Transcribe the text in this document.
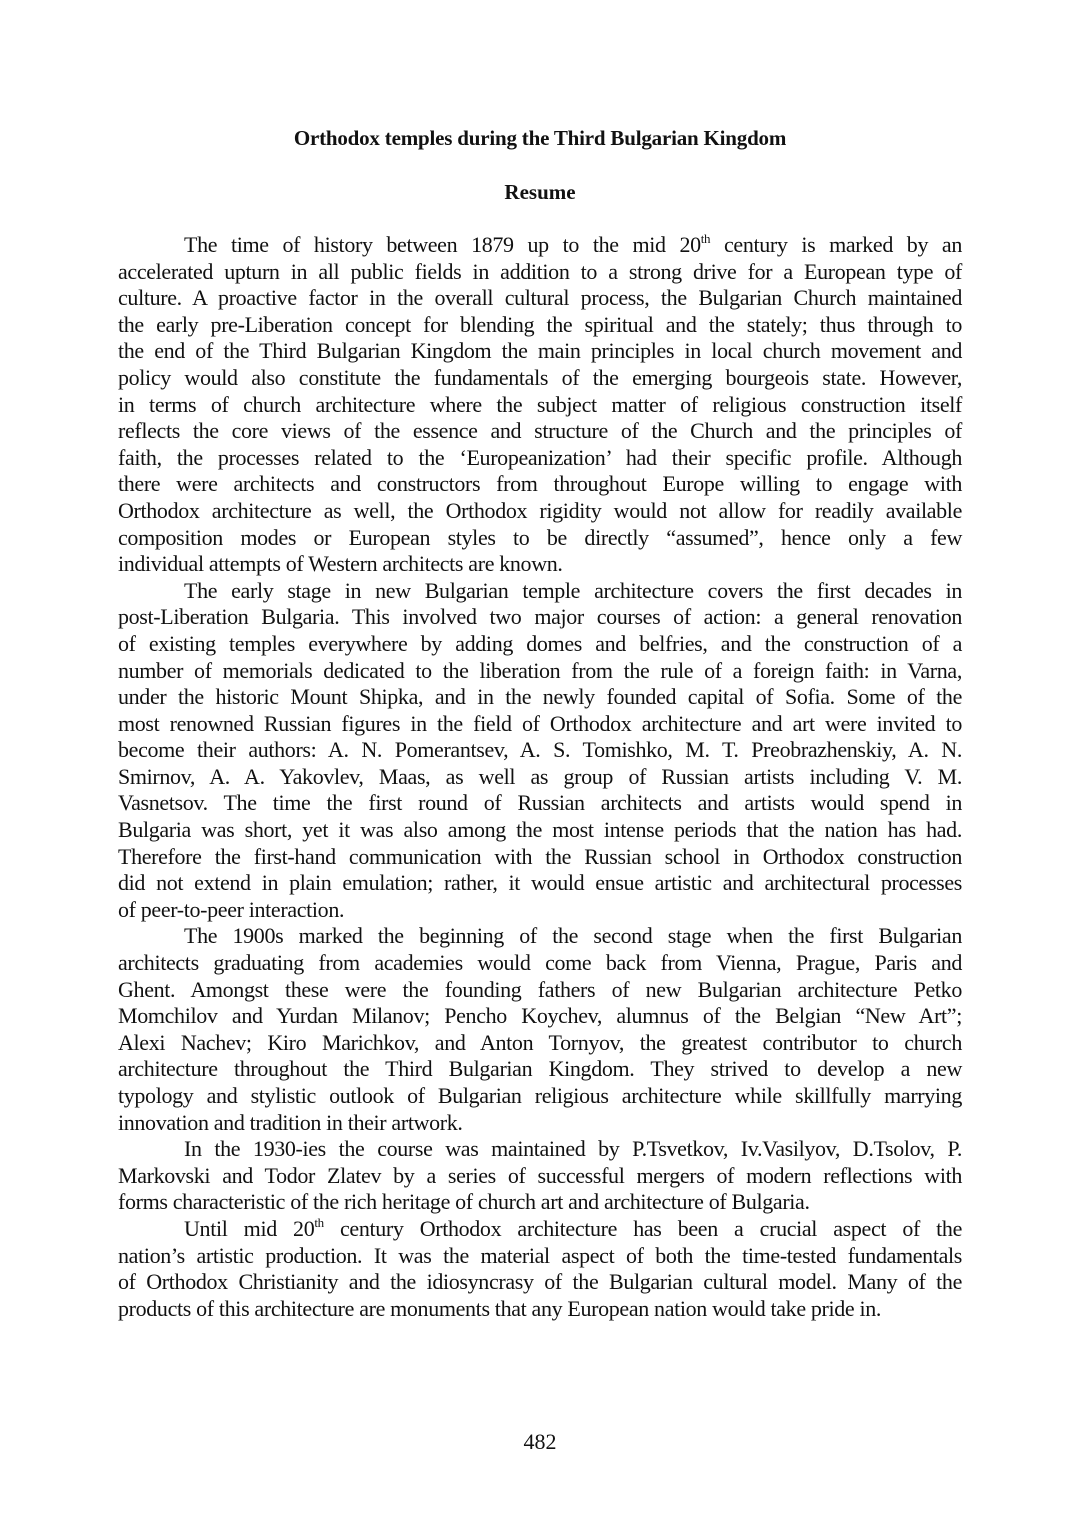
Orthodox temples during the Third Bulgarian Kingdom
Resume
The time of history between 1879 up to the mid 20th century is marked by an
accelerated upturn in all public fields in addition to a strong drive for a European type of
culture. A proactive factor in the overall cultural process, the Bulgarian Church maintained
the early pre-Liberation concept for blending the spiritual and the stately; thus through to
the end of the Third Bulgarian Kingdom the main principles in local church movement and
policy would also constitute the fundamentals of the emerging bourgeois state. However,
in terms of church architecture where the subject matter of religious construction itself
reflects the core views of the essence and structure of the Church and the principles of
faith, the processes related to the ‘Europeanization’ had their specific profile. Although
there were architects and constructors from throughout Europe willing to engage with
Orthodox architecture as well, the Orthodox rigidity would not allow for readily available
composition modes or European styles to be directly “assumed”, hence only a few
individual attempts of Western architects are known.
The early stage in new Bulgarian temple architecture covers the first decades in
post-Liberation Bulgaria. This involved two major courses of action: a general renovation
of existing temples everywhere by adding domes and belfries, and the construction of a
number of memorials dedicated to the liberation from the rule of a foreign faith: in Varna,
under the historic Mount Shipka, and in the newly founded capital of Sofia. Some of the
most renowned Russian figures in the field of Orthodox architecture and art were invited to
become their authors: A. N. Pomerantsev, A. S. Tomishko, M. T. Preobrazhenskiy, A. N.
Smirnov, A. A. Yakovlev, Maas, as well as group of Russian artists including V. M.
Vasnetsov. The time the first round of Russian architects and artists would spend in
Bulgaria was short, yet it was also among the most intense periods that the nation has had.
Therefore the first-hand communication with the Russian school in Orthodox construction
did not extend in plain emulation; rather, it would ensue artistic and architectural processes
of peer-to-peer interaction.
The 1900s marked the beginning of the second stage when the first Bulgarian
architects graduating from academies would come back from Vienna, Prague, Paris and
Ghent. Amongst these were the founding fathers of new Bulgarian architecture Petko
Momchilov and Yurdan Milanov; Pencho Koychev, alumnus of the Belgian “New Art”;
Alexi Nachev; Kiro Marichkov, and Anton Tornyov, the greatest contributor to church
architecture throughout the Third Bulgarian Kingdom. They strived to develop a new
typology and stylistic outlook of Bulgarian religious architecture while skillfully marrying
innovation and tradition in their artwork.
In the 1930-ies the course was maintained by P.Tsvetkov, Iv.Vasilyov, D.Tsolov, P.
Markovski and Todor Zlatev by a series of successful mergers of modern reflections with
forms characteristic of the rich heritage of church art and architecture of Bulgaria.
Until mid 20th century Orthodox architecture has been a crucial aspect of the
nation’s artistic production. It was the material aspect of both the time-tested fundamentals
of Orthodox Christianity and the idiosyncrasy of the Bulgarian cultural model. Many of the
products of this architecture are monuments that any European nation would take pride in.
482
